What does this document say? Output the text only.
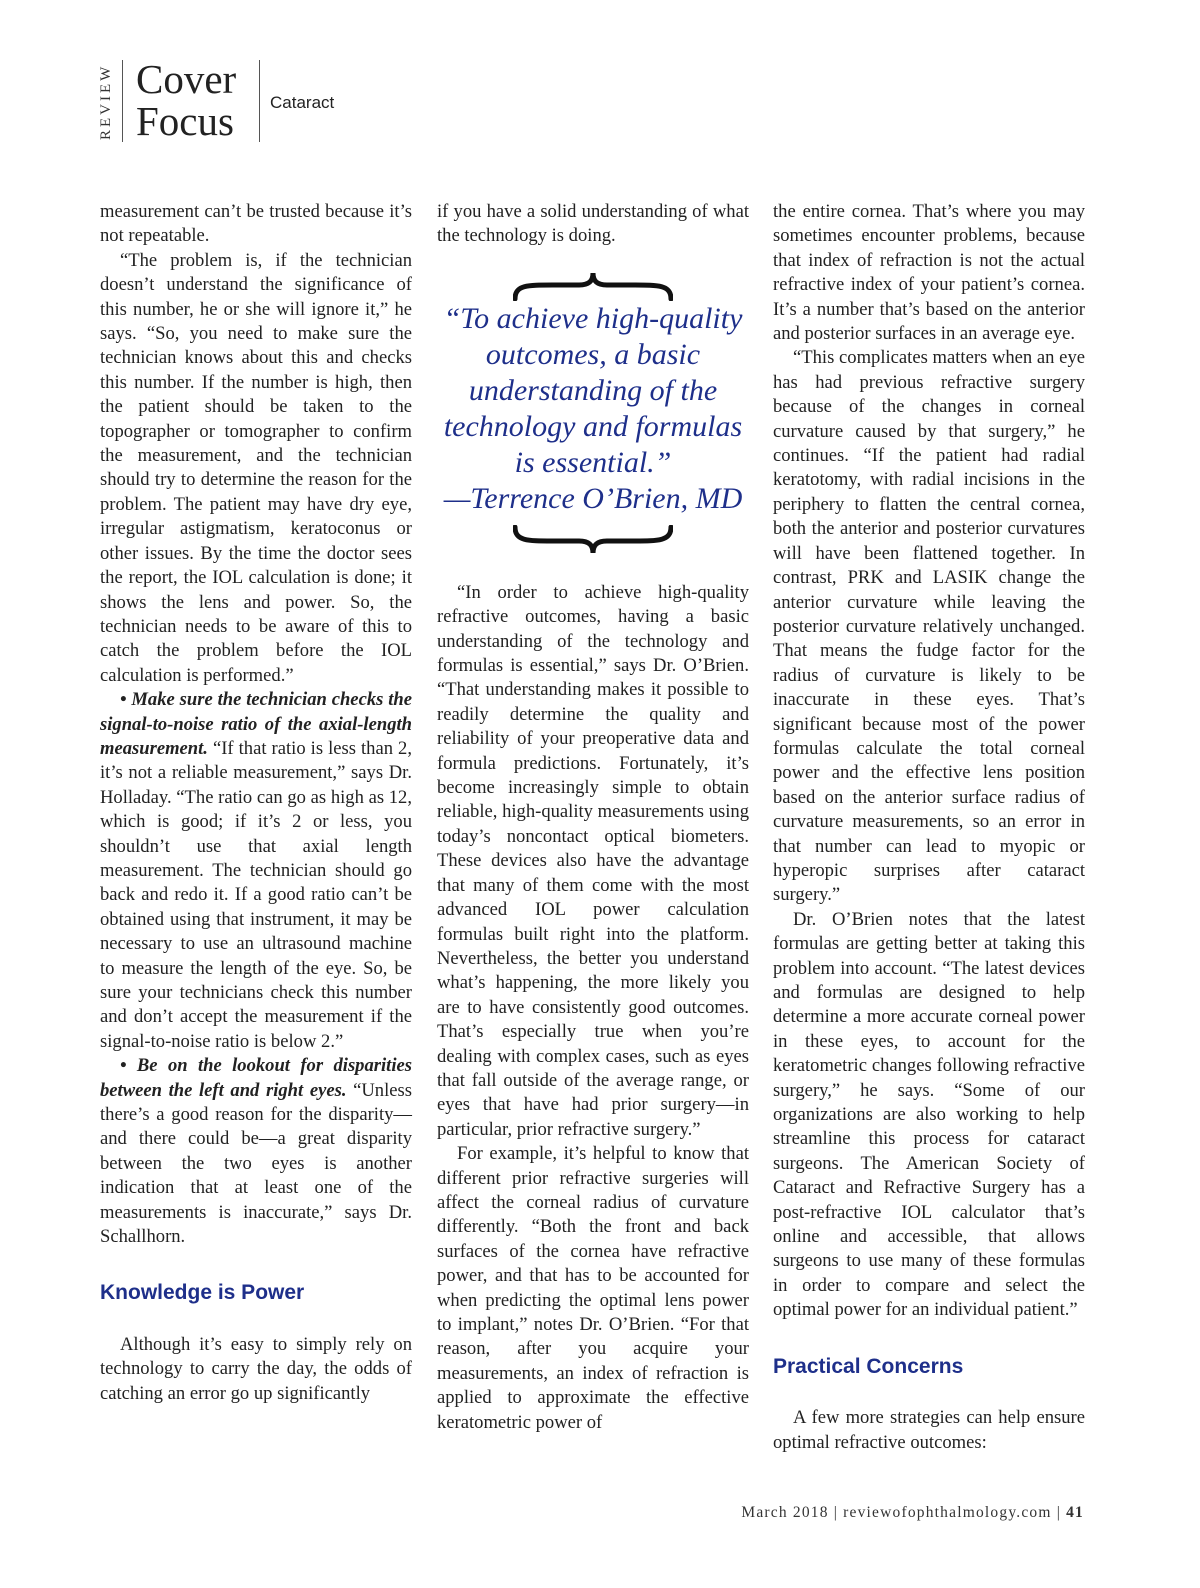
REVIEW Cover
Focus Cataract

measurement can’t be trusted because it’s not repeatable.

“The problem is, if the technician doesn’t understand the significance of this number, he or she will ignore it,” he says. “So, you need to make sure the technician knows about this and checks this number. If the number is high, then the patient should be taken to the topographer or tomographer to confirm the measurement, and the technician should try to determine the reason for the problem. The patient may have dry eye, irregular astigmatism, keratoconus or other issues. By the time the doctor sees the report, the IOL calculation is done; it shows the lens and power. So, the technician needs to be aware of this to catch the problem before the IOL calculation is performed.”

• Make sure the technician checks the signal-to-noise ratio of the axial-length measurement. “If that ratio is less than 2, it’s not a reliable measurement,” says Dr. Holladay. “The ratio can go as high as 12, which is good; if it’s 2 or less, you shouldn’t use that axial length measurement. The technician should go back and redo it. If a good ratio can’t be obtained using that instrument, it may be necessary to use an ultrasound machine to measure the length of the eye. So, be sure your technicians check this number and don’t accept the measurement if the signal-to-noise ratio is below 2.”

• Be on the lookout for disparities between the left and right eyes. “Unless there’s a good reason for the disparity—and there could be—a great disparity between the two eyes is another indication that at least one of the measurements is inaccurate,” says Dr. Schallhorn.

Knowledge is Power

Although it’s easy to simply rely on technology to carry the day, the odds of catching an error go up significantly

if you have a solid understanding of what the technology is doing.

“To achieve high-quality outcomes, a basic understanding of the technology and formulas is essential.”
—Terrence O’Brien, MD

“In order to achieve high-quality refractive outcomes, having a basic understanding of the technology and formulas is essential,” says Dr. O’Brien. “That understanding makes it possible to readily determine the quality and reliability of your preoperative data and formula predictions. Fortunately, it’s become increasingly simple to obtain reliable, high-quality measurements using today’s noncontact optical biometers. These devices also have the advantage that many of them come with the most advanced IOL power calculation formulas built right into the platform. Nevertheless, the better you understand what’s happening, the more likely you are to have consistently good outcomes. That’s especially true when you’re dealing with complex cases, such as eyes that fall outside of the average range, or eyes that have had prior surgery—in particular, prior refractive surgery.”

For example, it’s helpful to know that different prior refractive surgeries will affect the corneal radius of curvature differently. “Both the front and back surfaces of the cornea have refractive power, and that has to be accounted for when predicting the optimal lens power to implant,” notes Dr. O’Brien. “For that reason, after you acquire your measurements, an index of refraction is applied to approximate the effective keratometric power of

the entire cornea. That’s where you may sometimes encounter problems, because that index of refraction is not the actual refractive index of your patient’s cornea. It’s a number that’s based on the anterior and posterior surfaces in an average eye.

“This complicates matters when an eye has had previous refractive surgery because of the changes in corneal curvature caused by that surgery,” he continues. “If the patient had radial keratotomy, with radial incisions in the periphery to flatten the central cornea, both the anterior and posterior curvatures will have been flattened together. In contrast, PRK and LASIK change the anterior curvature while leaving the posterior curvature relatively unchanged. That means the fudge factor for the radius of curvature is likely to be inaccurate in these eyes. That’s significant because most of the power formulas calculate the total corneal power and the effective lens position based on the anterior surface radius of curvature measurements, so an error in that number can lead to myopic or hyperopic surprises after cataract surgery.”

Dr. O’Brien notes that the latest formulas are getting better at taking this problem into account. “The latest devices and formulas are designed to help determine a more accurate corneal power in these eyes, to account for the keratometric changes following refractive surgery,” he says. “Some of our organizations are also working to help streamline this process for cataract surgeons. The American Society of Cataract and Refractive Surgery has a post-refractive IOL calculator that’s online and accessible, that allows surgeons to use many of these formulas in order to compare and select the optimal power for an individual patient.”

Practical Concerns

A few more strategies can help ensure optimal refractive outcomes:

March 2018 | reviewofophthalmology.com | 41
